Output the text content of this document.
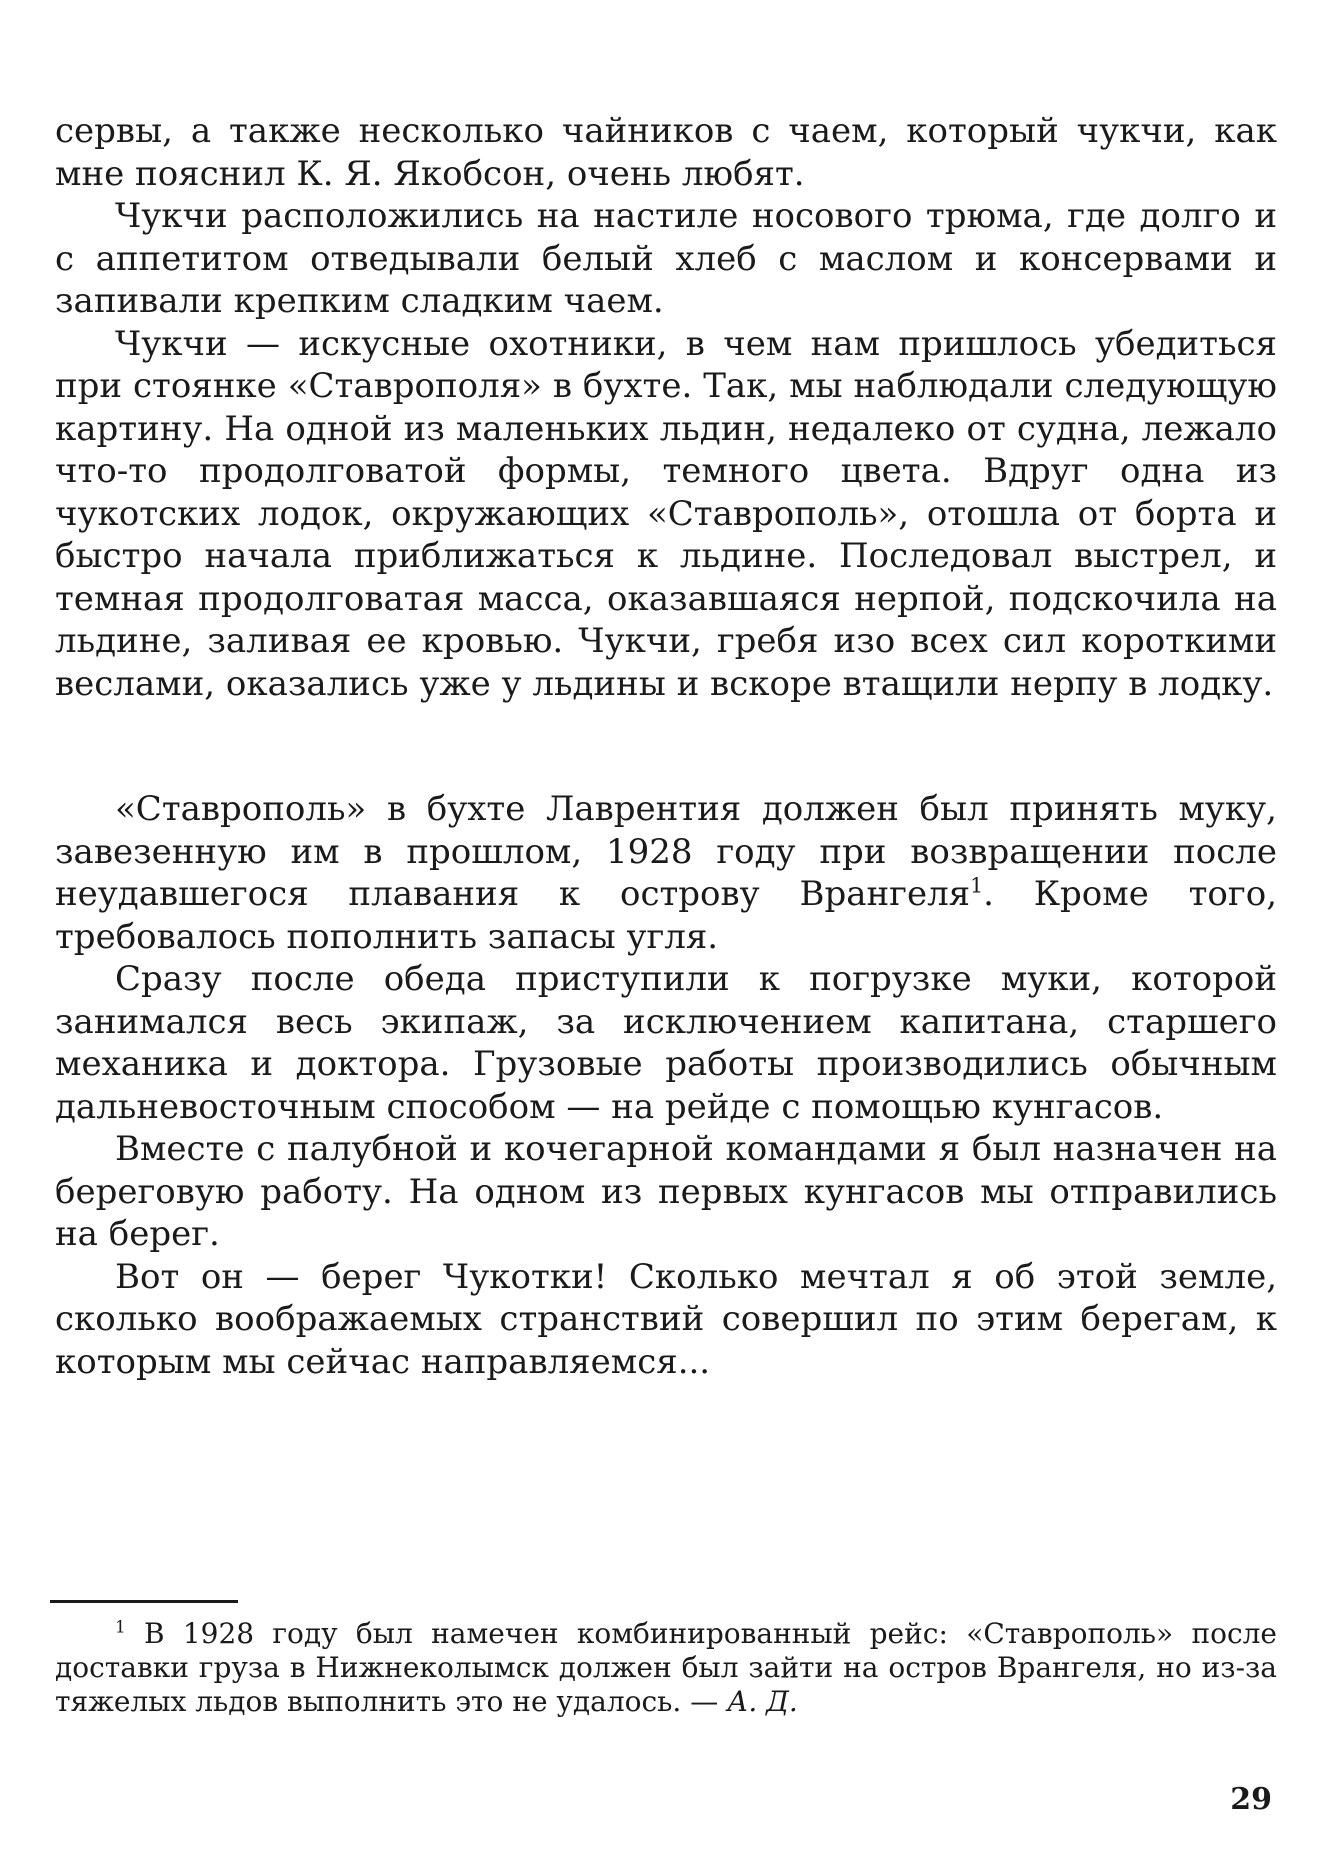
сервы, а также несколько чайников с чаем, который чукчи, как мне пояснил К. Я. Якобсон, очень любят.

Чукчи расположились на настиле носового трюма, где долго и с аппетитом отведывали белый хлеб с маслом и консервами и запивали крепким сладким чаем.

Чукчи — искусные охотники, в чем нам пришлось убедиться при стоянке «Ставрополя» в бухте. Так, мы наблюдали следующую картину. На одной из маленьких льдин, недалеко от судна, лежало что-то продолговатой формы, темного цвета. Вдруг одна из чукотских лодок, окружающих «Ставрополь», отошла от борта и быстро начала приближаться к льдине. Последовал выстрел, и темная продолговатая масса, оказавшаяся нерпой, подскочила на льдине, заливая ее кровью. Чукчи, гребя изо всех сил короткими веслами, оказались уже у льдины и вскоре втащили нерпу в лодку.

«Ставрополь» в бухте Лаврентия должен был принять муку, завезенную им в прошлом, 1928 году при возвращении после неудавшегося плавания к острову Врангеля$^1$. Кроме того, требовалось пополнить запасы угля.

Сразу после обеда приступили к погрузке муки, которой занимался весь экипаж, за исключением капитана, старшего механика и доктора. Грузовые работы производились обычным дальневосточным способом — на рейде с помощью кунгасов.

Вместе с палубной и кочегарной командами я был назначен на береговую работу. На одном из первых кунгасов мы отправились на берег.

Вот он — берег Чукотки! Сколько мечтал я об этой земле, сколько воображаемых странствий совершил по этим берегам, к которым мы сейчас направляемся...

$^1$ В 1928 году был намечен комбинированный рейс: «Ставрополь» после доставки груза в Нижнеколымск должен был зайти на остров Врангеля, но из-за тяжелых льдов выполнить это не удалось. — А. Д.

29
